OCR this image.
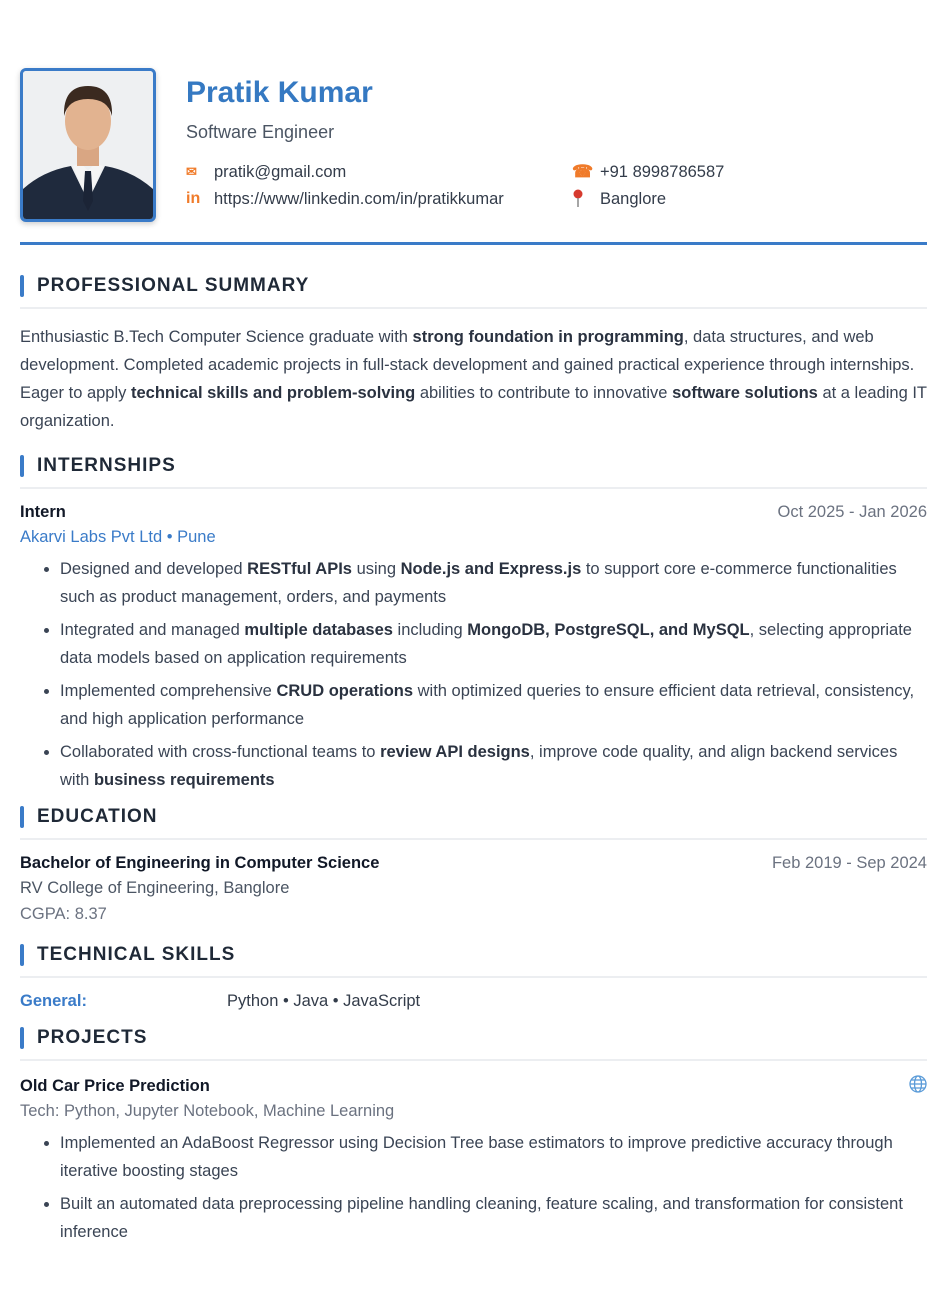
Pratik Kumar
Software Engineer
✉	pratik@gmail.com	☎ +91 8998786587
in https://www/linkedin.com/in/pratikkumar	Banglore
PROFESSIONAL SUMMARY
Enthusiastic B.Tech Computer Science graduate with strong foundation in programming, data structures, and web development. Completed academic projects in full-stack development and gained practical experience through internships. Eager to apply technical skills and problem-solving abilities to contribute to innovative software solutions at a leading IT organization.
INTERNSHIPS
Intern	Oct 2025 - Jan 2026
Akarvi Labs Pvt Ltd • Pune
• Designed and developed RESTful APIs using Node.js and Express.js to support core e-commerce functionalities such as product management, orders, and payments
• Integrated and managed multiple databases including MongoDB, PostgreSQL, and MySQL, selecting appropriate data models based on application requirements
• Implemented comprehensive CRUD operations with optimized queries to ensure efficient data retrieval, consistency, and high application performance
• Collaborated with cross-functional teams to review API designs, improve code quality, and align backend services with business requirements
EDUCATION
Bachelor of Engineering in Computer Science	Feb 2019 - Sep 2024
RV College of Engineering, Banglore
CGPA: 8.37
TECHNICAL SKILLS
General:	Python • Java • JavaScript
PROJECTS
Old Car Price Prediction
Tech: Python, Jupyter Notebook, Machine Learning
• Implemented an AdaBoost Regressor using Decision Tree base estimators to improve predictive accuracy through iterative boosting stages
• Built an automated data preprocessing pipeline handling cleaning, feature scaling, and transformation for consistent inference
